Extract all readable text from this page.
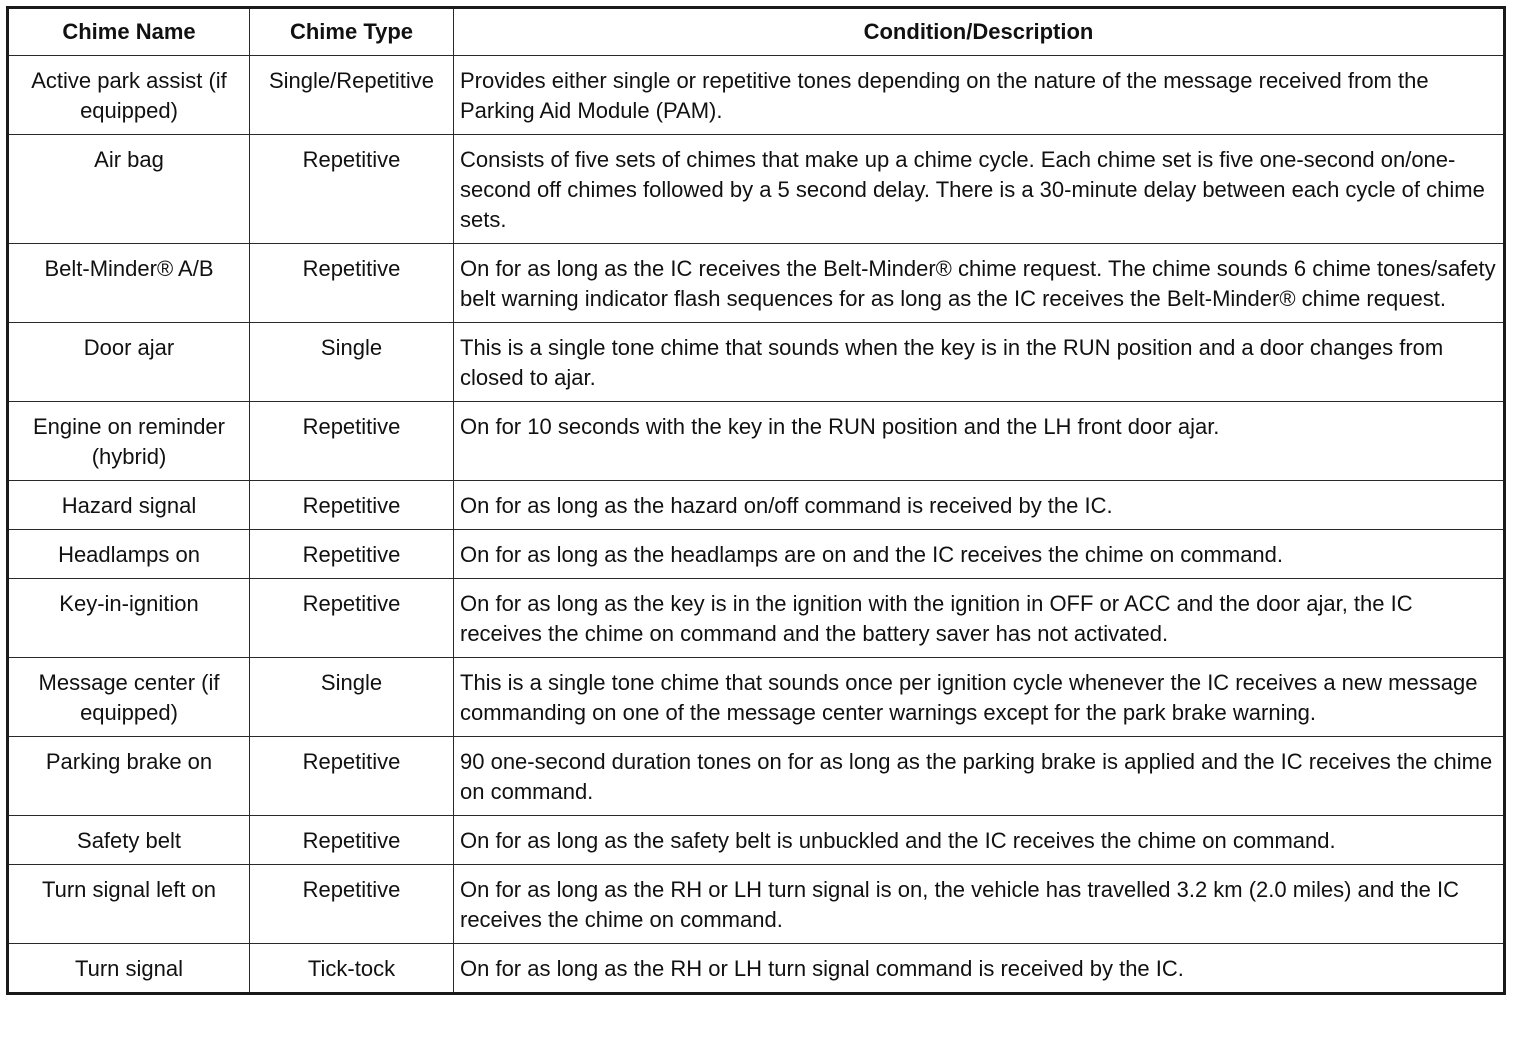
Chime Name	Chime Type	Condition/Description
Active park assist (if equipped)	Single/Repetitive	Provides either single or repetitive tones depending on the nature of the message received from the Parking Aid Module (PAM).
Air bag	Repetitive	Consists of five sets of chimes that make up a chime cycle. Each chime set is five one-second on/one-second off chimes followed by a 5 second delay. There is a 30-minute delay between each cycle of chime sets.
Belt-Minder® A/B	Repetitive	On for as long as the IC receives the Belt-Minder® chime request. The chime sounds 6 chime tones/safety belt warning indicator flash sequences for as long as the IC receives the Belt-Minder® chime request.
Door ajar	Single	This is a single tone chime that sounds when the key is in the RUN position and a door changes from closed to ajar.
Engine on reminder (hybrid)	Repetitive	On for 10 seconds with the key in the RUN position and the LH front door ajar.
Hazard signal	Repetitive	On for as long as the hazard on/off command is received by the IC.
Headlamps on	Repetitive	On for as long as the headlamps are on and the IC receives the chime on command.
Key-in-ignition	Repetitive	On for as long as the key is in the ignition with the ignition in OFF or ACC and the door ajar, the IC receives the chime on command and the battery saver has not activated.
Message center (if equipped)	Single	This is a single tone chime that sounds once per ignition cycle whenever the IC receives a new message commanding on one of the message center warnings except for the park brake warning.
Parking brake on	Repetitive	90 one-second duration tones on for as long as the parking brake is applied and the IC receives the chime on command.
Safety belt	Repetitive	On for as long as the safety belt is unbuckled and the IC receives the chime on command.
Turn signal left on	Repetitive	On for as long as the RH or LH turn signal is on, the vehicle has travelled 3.2 km (2.0 miles) and the IC receives the chime on command.
Turn signal	Tick-tock	On for as long as the RH or LH turn signal command is received by the IC.
